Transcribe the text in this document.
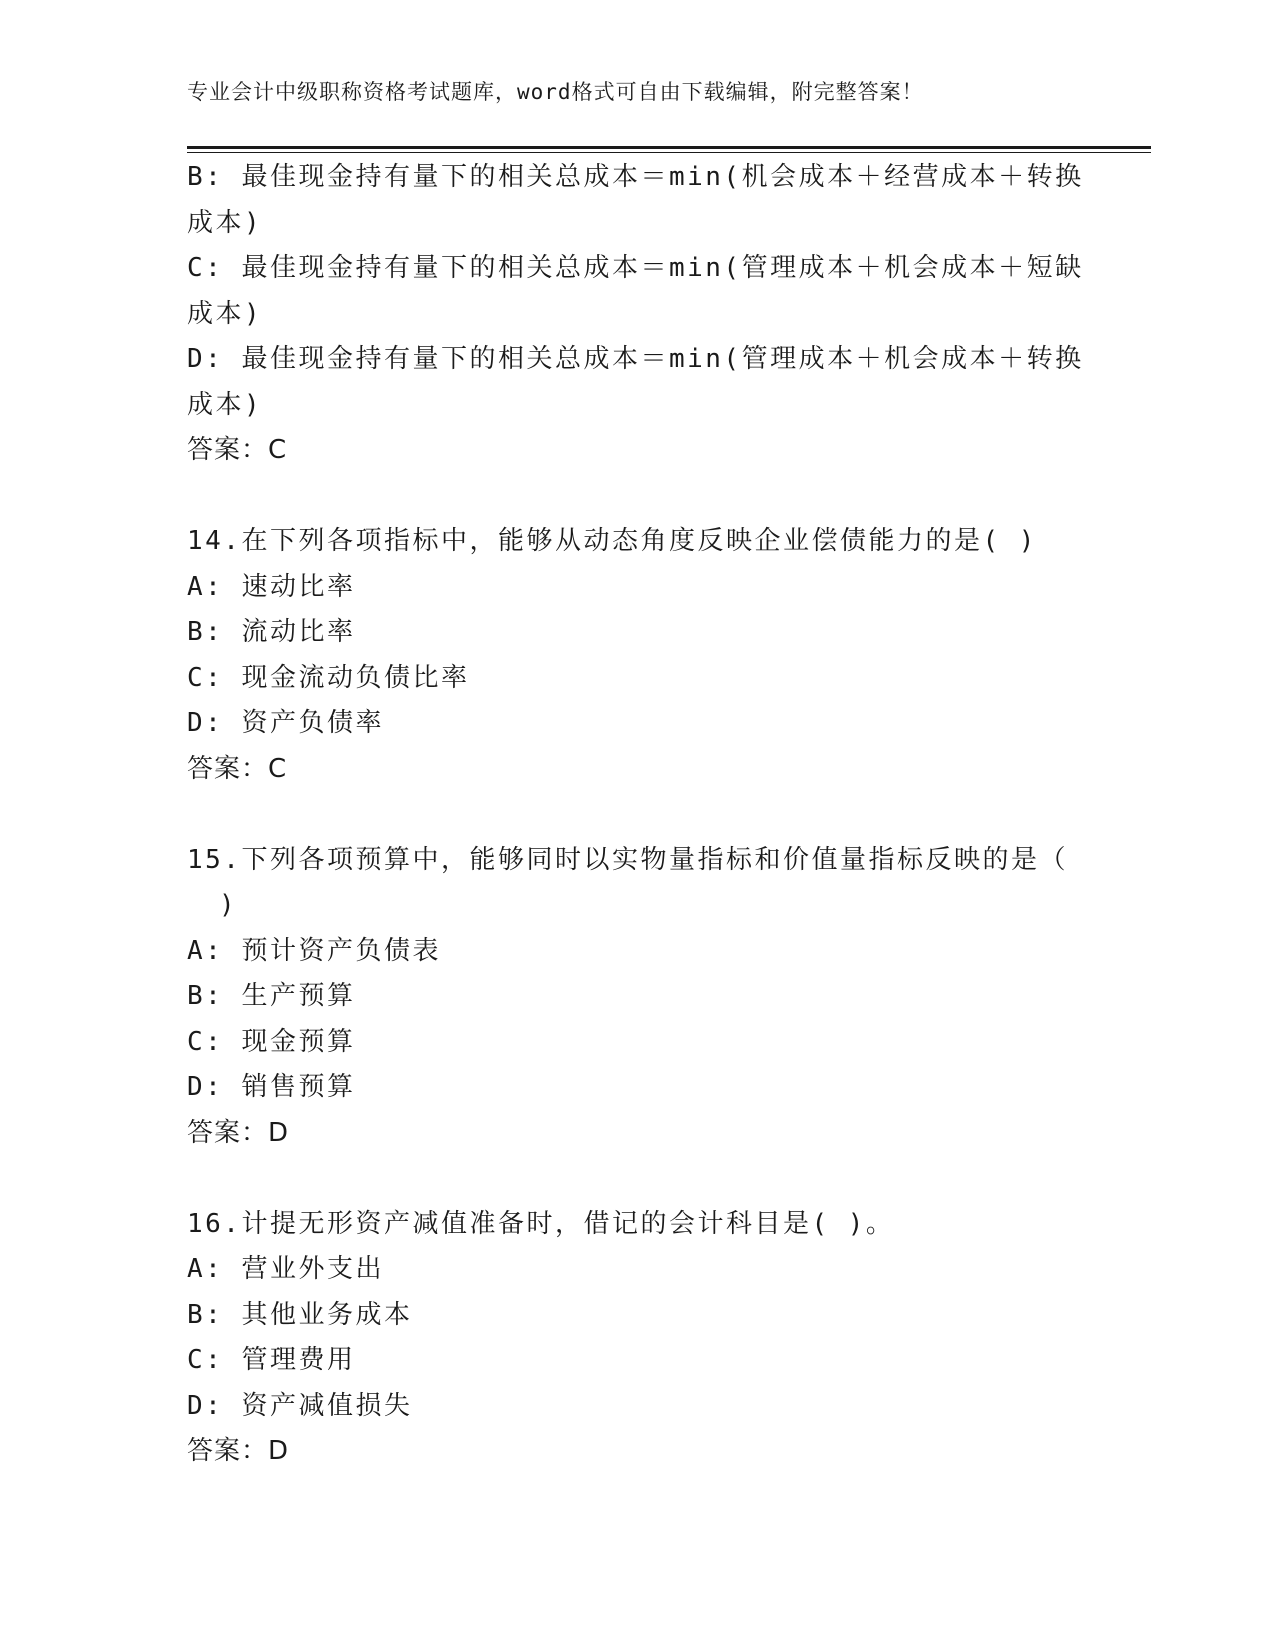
专业会计中级职称资格考试题库，word格式可自由下载编辑，附完整答案！
B: 最佳现金持有量下的相关总成本＝min(机会成本＋经营成本＋转换
成本)
C: 最佳现金持有量下的相关总成本＝min(管理成本＋机会成本＋短缺
成本)
D: 最佳现金持有量下的相关总成本＝min(管理成本＋机会成本＋转换
成本)
答案：C
14.在下列各项指标中，能够从动态角度反映企业偿债能力的是( )
A: 速动比率
B: 流动比率
C: 现金流动负债比率
D: 资产负债率
答案：C
15.下列各项预算中，能够同时以实物量指标和价值量指标反映的是（
)
A: 预计资产负债表
B: 生产预算
C: 现金预算
D: 销售预算
答案：D
16.计提无形资产减值准备时，借记的会计科目是( )。
A: 营业外支出
B: 其他业务成本
C: 管理费用
D: 资产减值损失
答案：D
